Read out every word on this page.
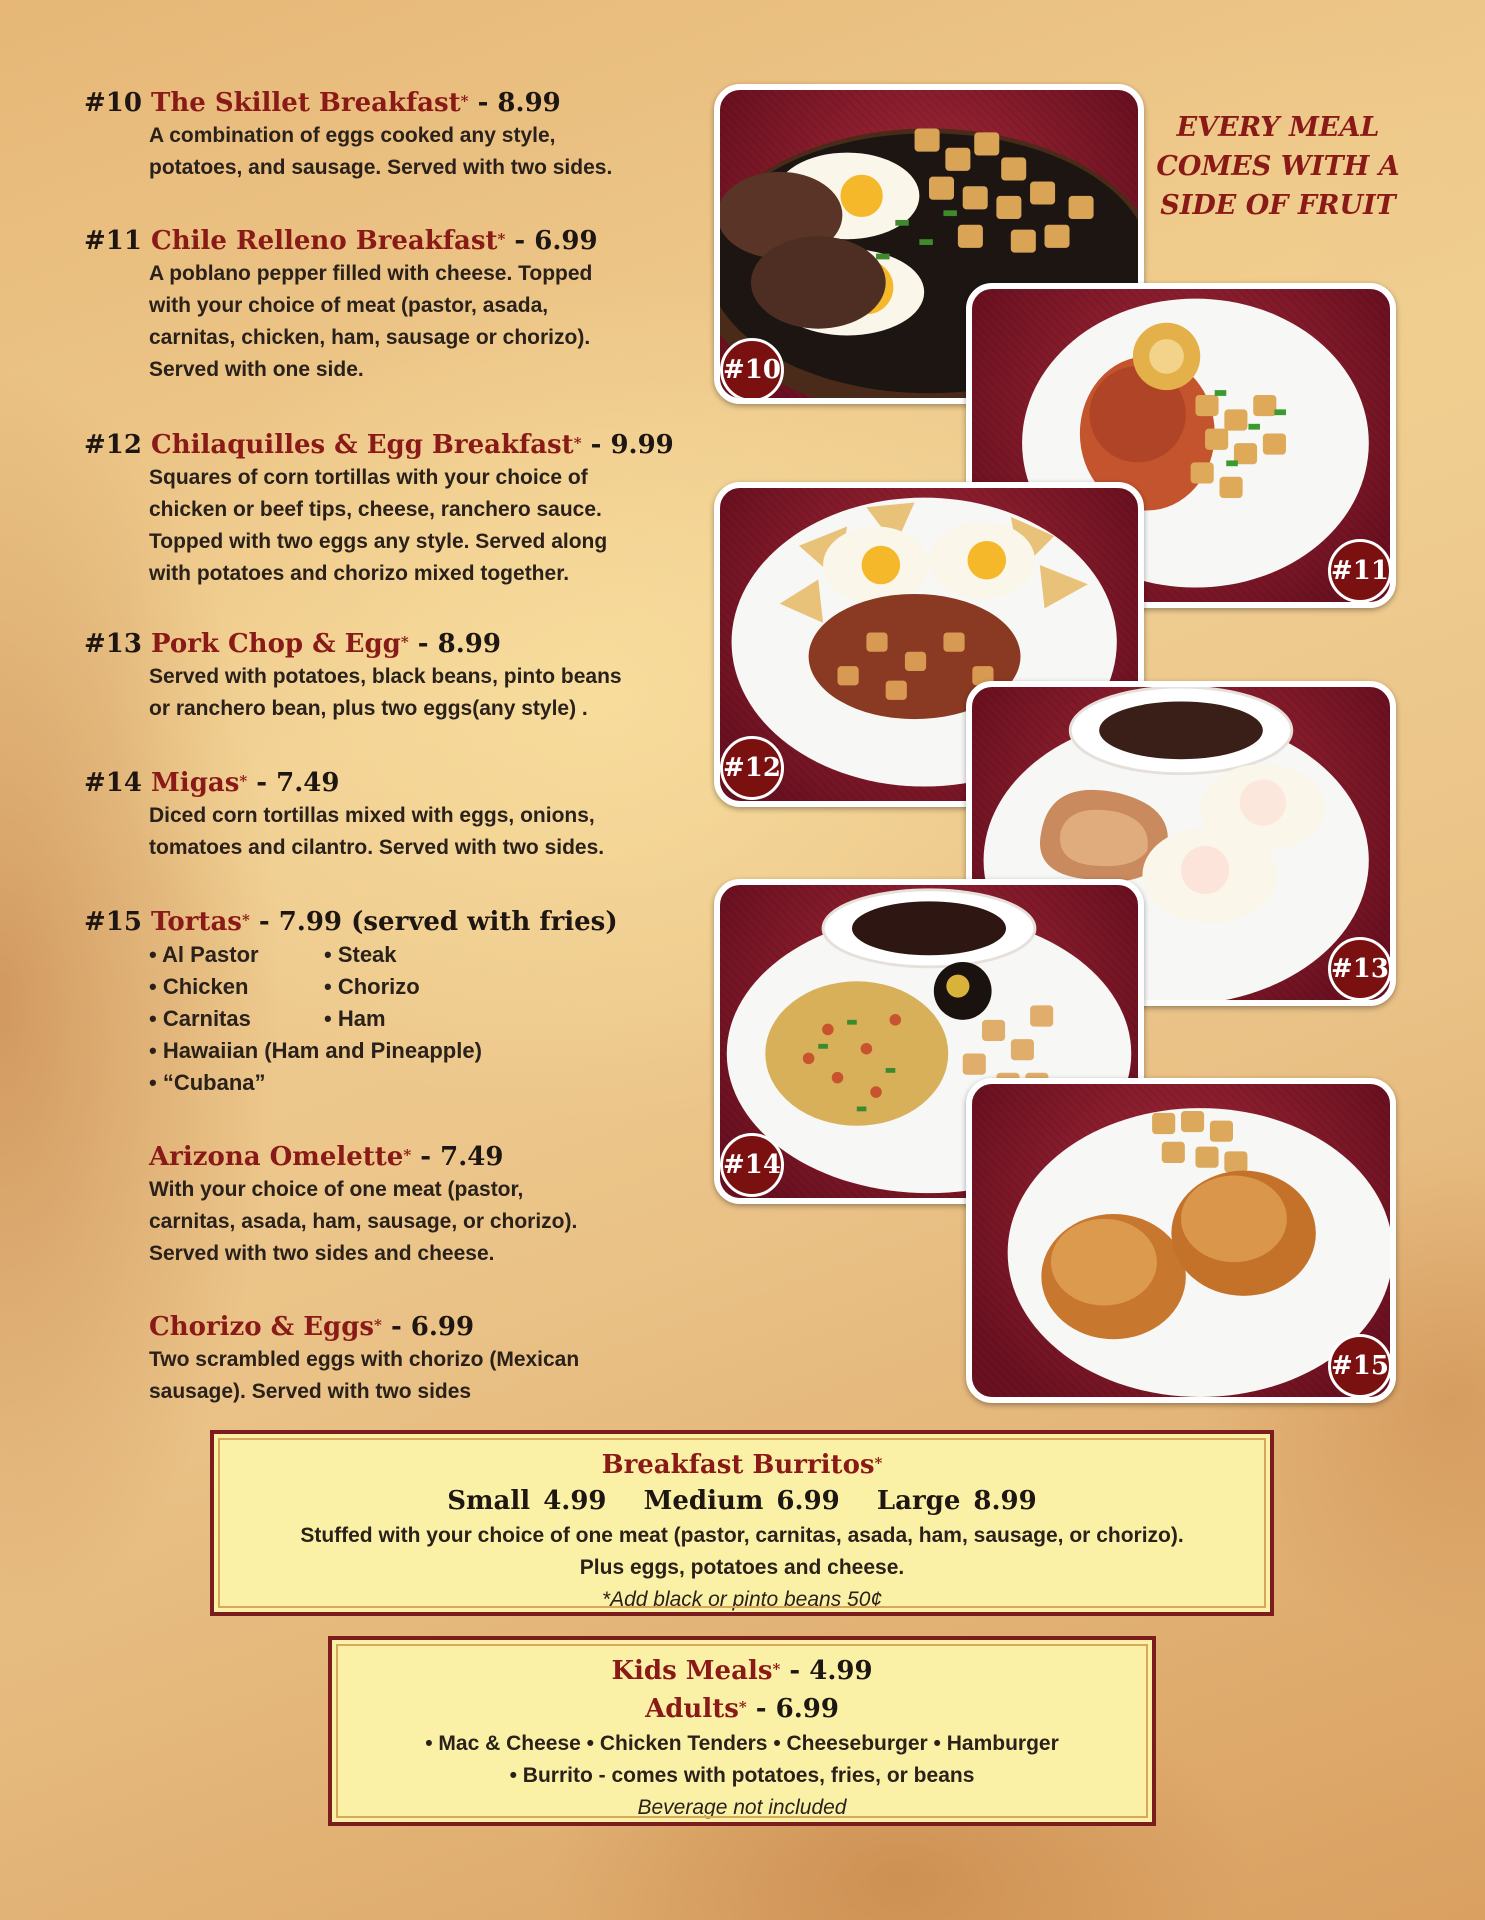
#10 The Skillet Breakfast* - 8.99
A combination of eggs cooked any style,
potatoes, and sausage. Served with two sides.
#11 Chile Relleno Breakfast* - 6.99
A poblano pepper filled with cheese. Topped
with your choice of meat (pastor, asada,
carnitas, chicken, ham, sausage or chorizo).
Served with one side.
#12 Chilaquilles & Egg Breakfast* - 9.99
Squares of corn tortillas with your choice of
chicken or beef tips, cheese, ranchero sauce.
Topped with two eggs any style. Served along
with potatoes and chorizo mixed together.
#13 Pork Chop & Egg* - 8.99
Served with potatoes, black beans, pinto beans
or ranchero bean, plus two eggs(any style) .
#14 Migas* - 7.49
Diced corn tortillas mixed with eggs, onions,
tomatoes and cilantro. Served with two sides.
#15 Tortas* - 7.99 (served with fries)
• Al Pastor	• Steak
• Chicken	• Chorizo
• Carnitas	• Ham
• Hawaiian (Ham and Pineapple)
• “Cubana”
Arizona Omelette* - 7.49
With your choice of one meat (pastor,
carnitas, asada, ham, sausage, or chorizo).
Served with two sides and cheese.
Chorizo & Eggs* - 6.99
Two scrambled eggs with chorizo (Mexican
sausage). Served with two sides
EVERY MEAL
COMES WITH A
SIDE OF FRUIT
#10
#11
#12
#13
#14
#15
Breakfast Burritos*
Small 4.99 Medium 6.99 Large 8.99
Stuffed with your choice of one meat (pastor, carnitas, asada, ham, sausage, or chorizo).
Plus eggs, potatoes and cheese.
*Add black or pinto beans 50¢
Kids Meals* - 4.99
Adults* - 6.99
• Mac & Cheese • Chicken Tenders • Cheeseburger • Hamburger
• Burrito - comes with potatoes, fries, or beans
Beverage not included
